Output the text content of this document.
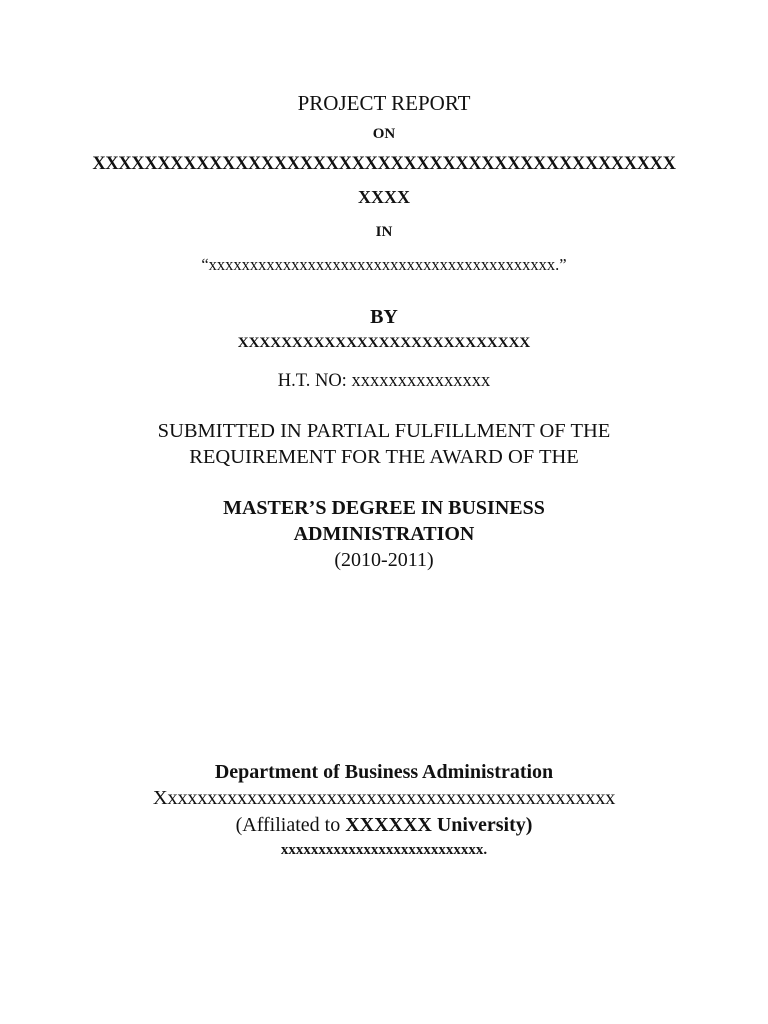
PROJECT REPORT
ON
XXXXXXXXXXXXXXXXXXXXXXXXXXXXXXXXXXXXXXXXXXXXX
XXXX
IN
“xxxxxxxxxxxxxxxxxxxxxxxxxxxxxxxxxxxxxxxxxx.”
BY
XXXXXXXXXXXXXXXXXXXXXXXXXXX
H.T. NO: xxxxxxxxxxxxxxx
SUBMITTED IN PARTIAL FULFILLMENT OF THE
REQUIREMENT FOR THE AWARD OF THE
MASTER’S DEGREE IN BUSINESS
ADMINISTRATION
(2010-2011)
Department of Business Administration
Xxxxxxxxxxxxxxxxxxxxxxxxxxxxxxxxxxxxxxxxxxxxxx
(Affiliated to XXXXXX University)
xxxxxxxxxxxxxxxxxxxxxxxxxxx.
